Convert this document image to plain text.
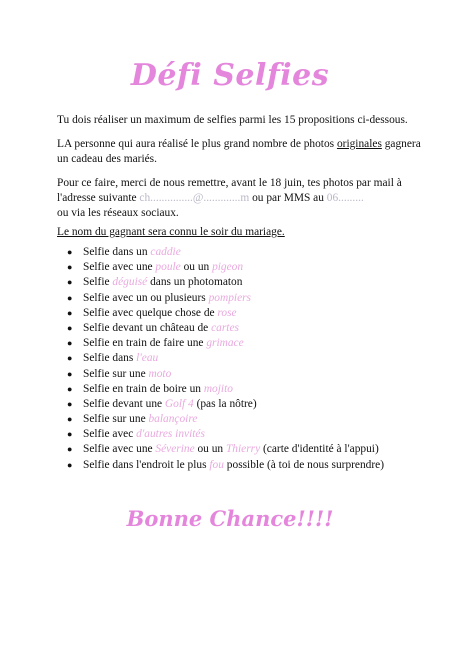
Défi Selfies
Tu dois réaliser un maximum de selfies parmi les 15 propositions ci-dessous.
LA personne qui aura réalisé le plus grand nombre de photos originales gagnera un cadeau des mariés.
Pour ce faire, merci de nous remettre, avant le 18 juin, tes photos par mail à
l'adresse suivante ch...............@.............m ou par MMS au 06.........
ou via les réseaux sociaux.
Le nom du gagnant sera connu le soir du mariage.
● Selfie dans un caddie
● Selfie avec une poule ou un pigeon
● Selfie déguisé dans un photomaton
● Selfie avec un ou plusieurs pompiers
● Selfie avec quelque chose de rose
● Selfie devant un château de cartes
● Selfie en train de faire une grimace
● Selfie dans l'eau
● Selfie sur une moto
● Selfie en train de boire un mojito
● Selfie devant une Golf 4 (pas la nôtre)
● Selfie sur une balançoire
● Selfie avec d'autres invités
● Selfie avec une Séverine ou un Thierry (carte d'identité à l'appui)
● Selfie dans l'endroit le plus fou possible (à toi de nous surprendre)
Bonne Chance!!!!
